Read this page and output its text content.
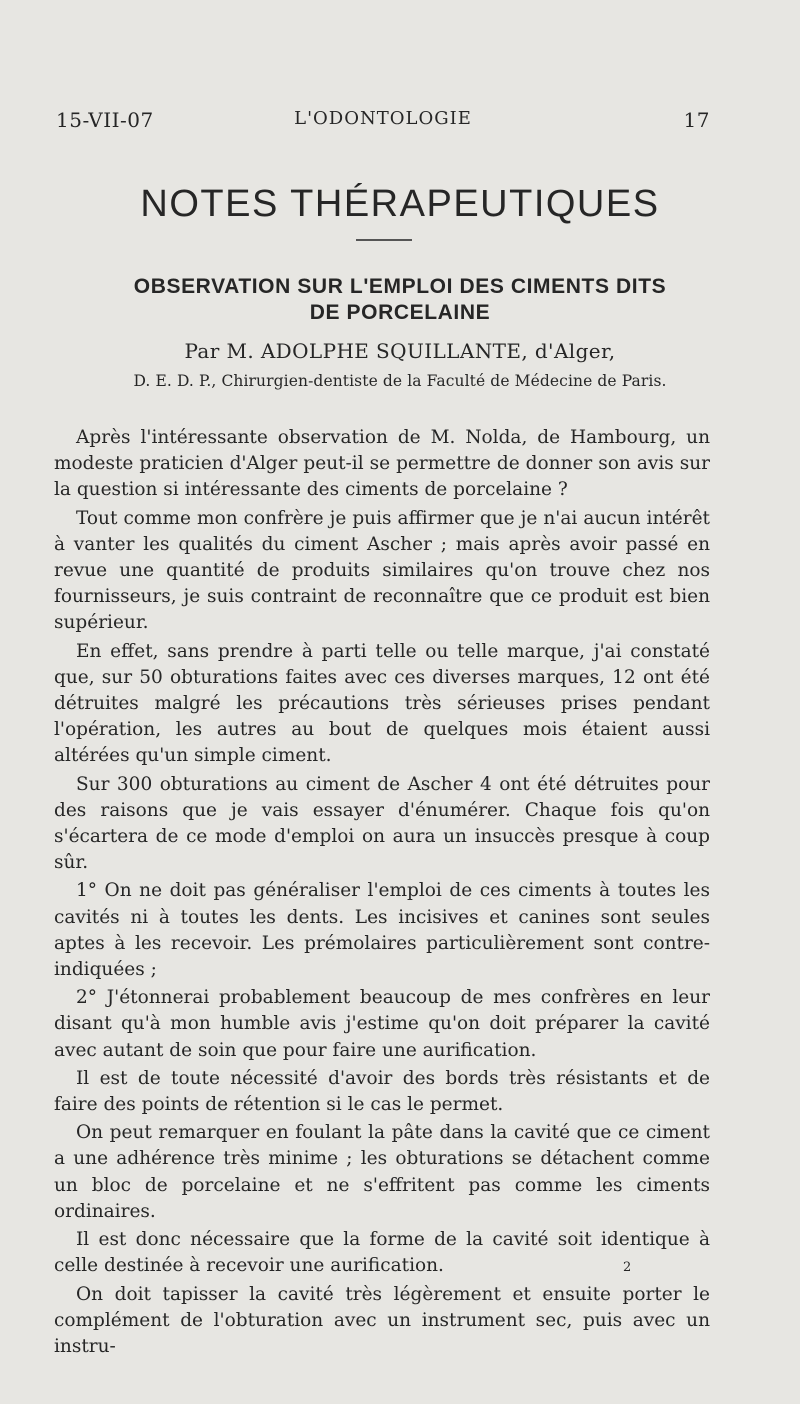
15-VII-07	L'ODONTOLOGIE	17
NOTES THÉRAPEUTIQUES
OBSERVATION SUR L'EMPLOI DES CIMENTS DITS
DE PORCELAINE
Par M. ADOLPHE SQUILLANTE, d'Alger,
D. E. D. P., Chirurgien-dentiste de la Faculté de Médecine de Paris.

Après l'intéressante observation de M. Nolda, de Hambourg, un modeste praticien d'Alger peut-il se permettre de donner son avis sur la question si intéressante des ciments de porcelaine ?

Tout comme mon confrère je puis affirmer que je n'ai aucun intérêt à vanter les qualités du ciment Ascher ; mais après avoir passé en revue une quantité de produits similaires qu'on trouve chez nos fournisseurs, je suis contraint de reconnaître que ce produit est bien supérieur.

En effet, sans prendre à parti telle ou telle marque, j'ai constaté que, sur 50 obturations faites avec ces diverses marques, 12 ont été détruites malgré les précautions très sérieuses prises pendant l'opération, les autres au bout de quelques mois étaient aussi altérées qu'un simple ciment.

Sur 300 obturations au ciment de Ascher 4 ont été détruites pour des raisons que je vais essayer d'énumérer. Chaque fois qu'on s'écartera de ce mode d'emploi on aura un insuccès presque à coup sûr.

1° On ne doit pas généraliser l'emploi de ces ciments à toutes les cavités ni à toutes les dents. Les incisives et canines sont seules aptes à les recevoir. Les prémolaires particulièrement sont contre-indiquées ;

2° J'étonnerai probablement beaucoup de mes confrères en leur disant qu'à mon humble avis j'estime qu'on doit préparer la cavité avec autant de soin que pour faire une aurification.

Il est de toute nécessité d'avoir des bords très résistants et de faire des points de rétention si le cas le permet.

On peut remarquer en foulant la pâte dans la cavité que ce ciment a une adhérence très minime ; les obturations se détachent comme un bloc de porcelaine et ne s'effritent pas comme les ciments ordinaires.

Il est donc nécessaire que la forme de la cavité soit identique à celle destinée à recevoir une aurification.

On doit tapisser la cavité très légèrement et ensuite porter le complément de l'obturation avec un instrument sec, puis avec un instru-

2
